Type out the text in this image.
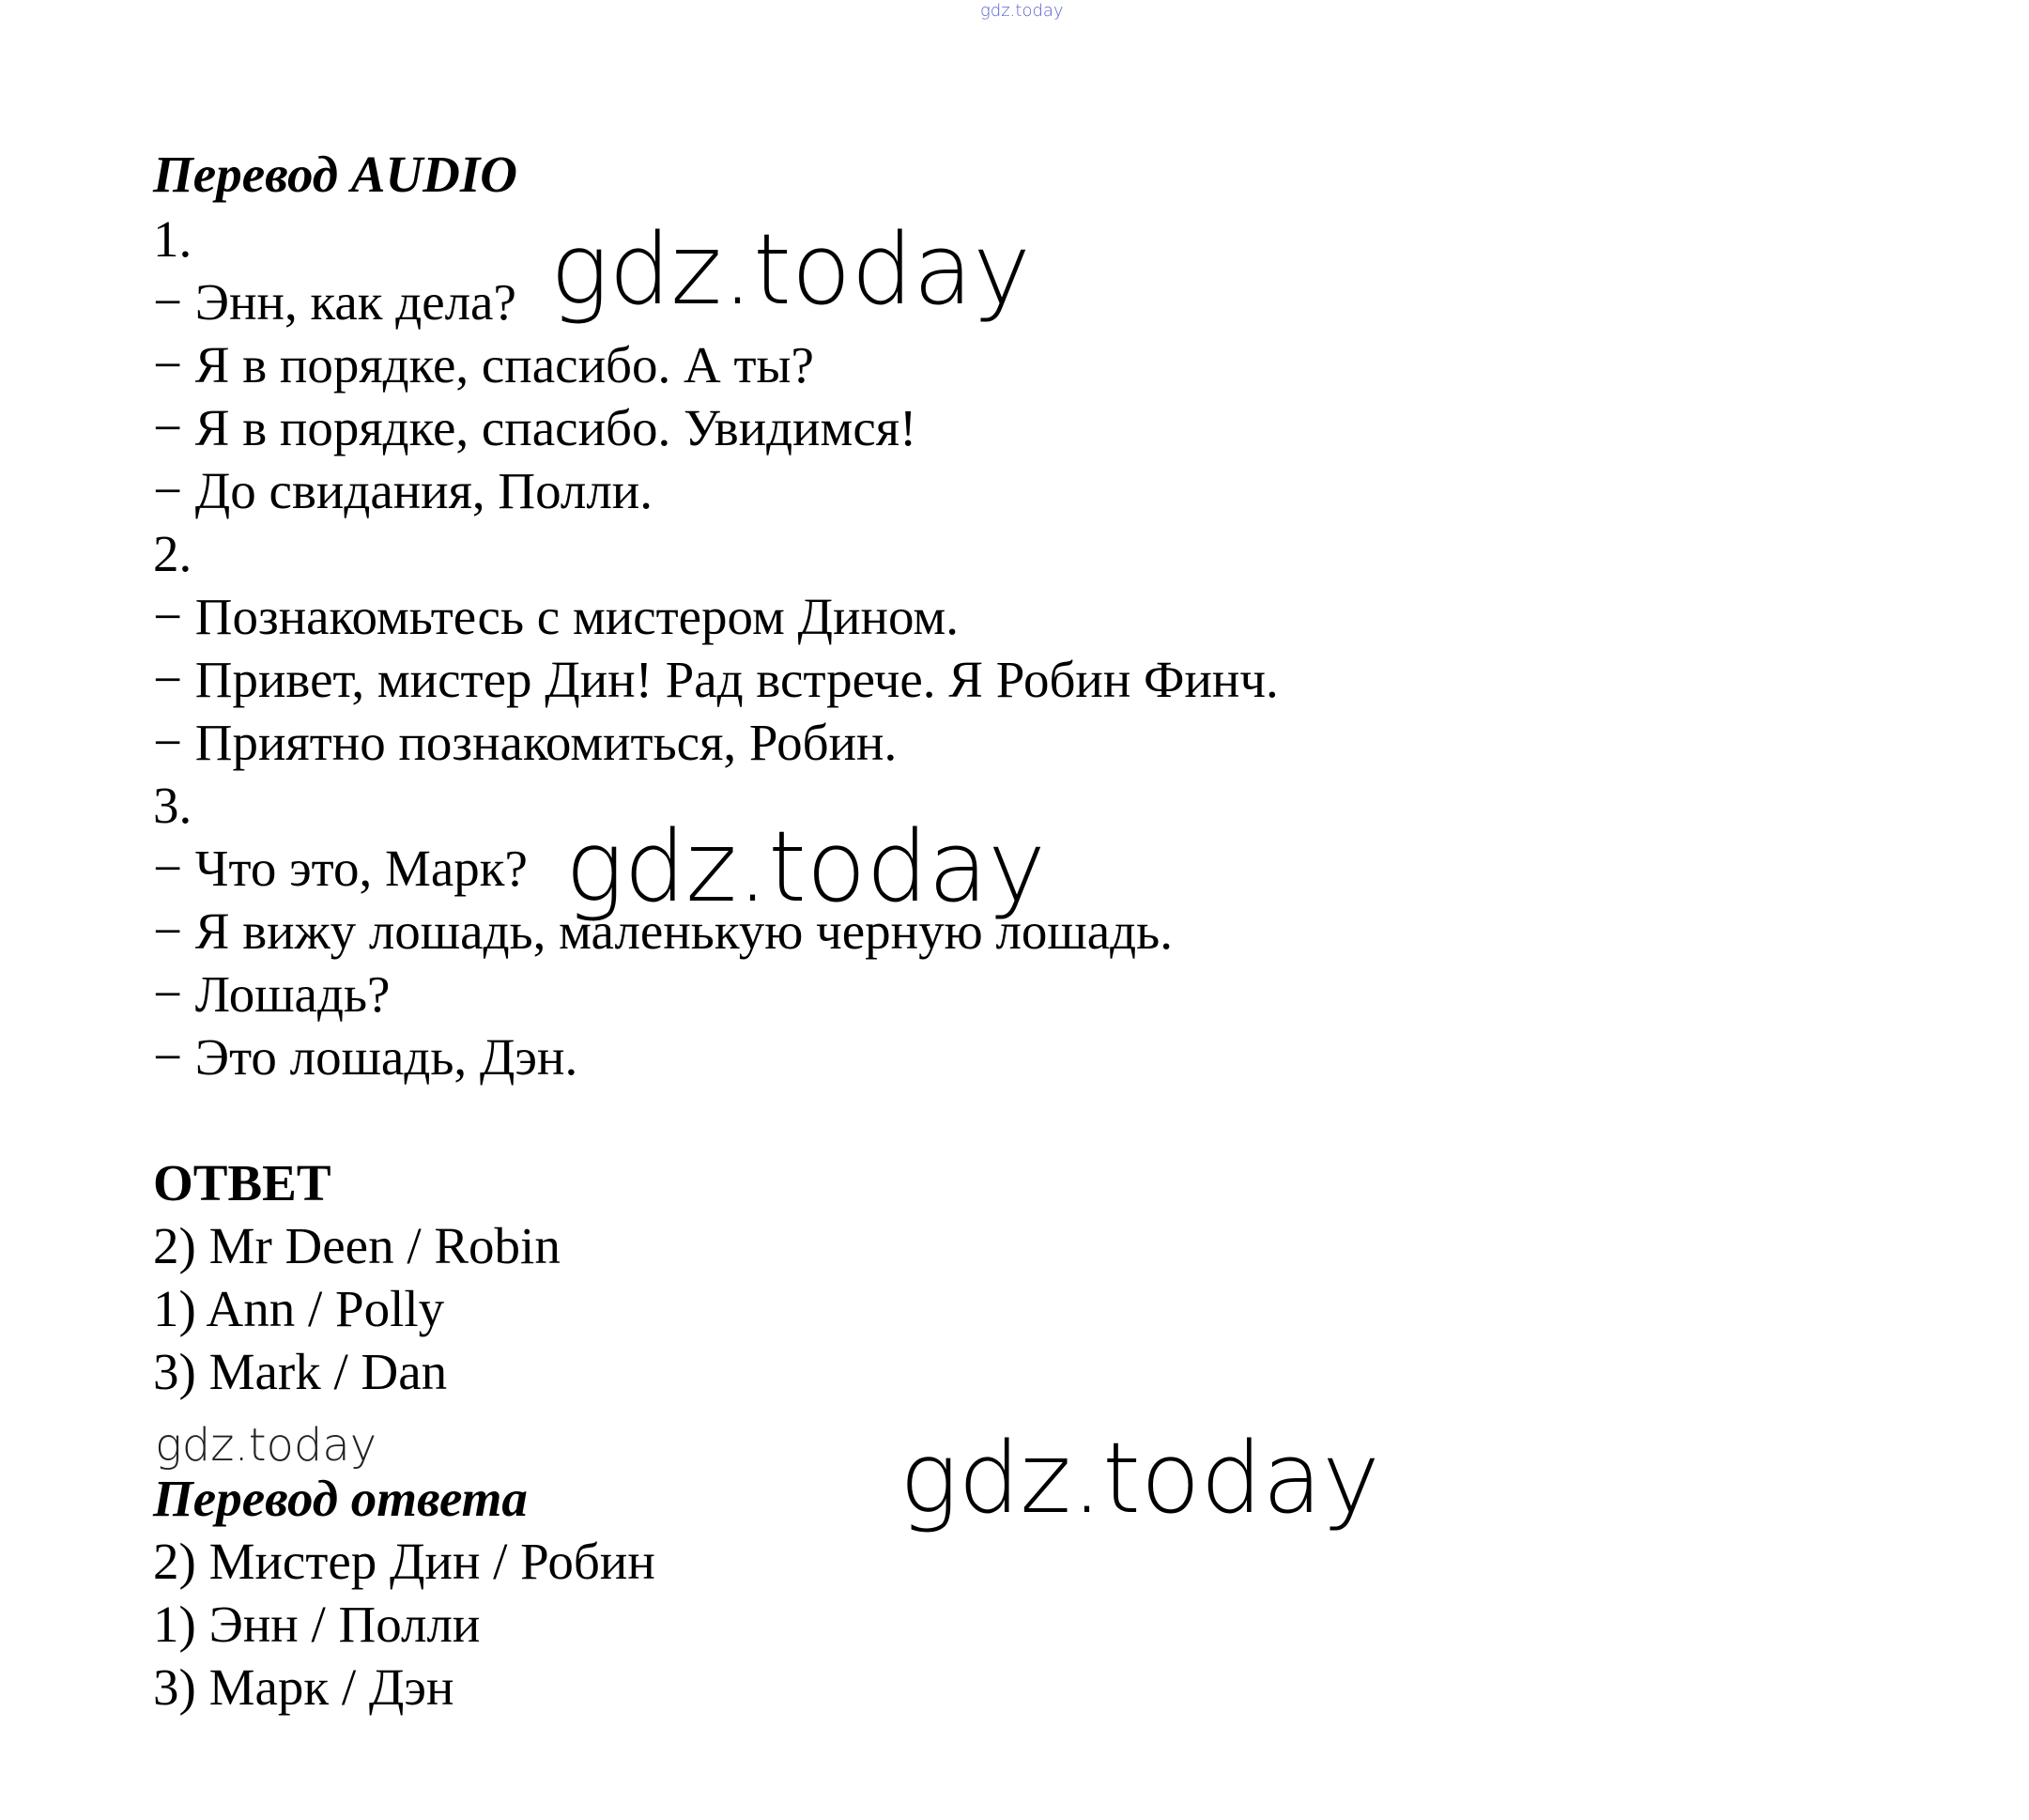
gdz.today
Перевод AUDIO
1.
− Энн, как дела?
− Я в порядке, спасибо. А ты?
− Я в порядке, спасибо. Увидимся!
− До свидания, Полли.
2.
− Познакомьтесь с мистером Дином.
− Привет, мистер Дин! Рад встрече. Я Робин Финч.
− Приятно познакомиться, Робин.
3.
− Что это, Марк?
− Я вижу лошадь, маленькую черную лошадь.
− Лошадь?
− Это лошадь, Дэн.
ОТВЕТ
2) Mr Deen / Robin
1) Ann / Polly
3) Mark / Dan
Перевод ответа
2) Мистер Дин / Робин
1) Энн / Полли
3) Марк / Дэн
gdz.today
gdz.today
gdz.today	gdz.today
